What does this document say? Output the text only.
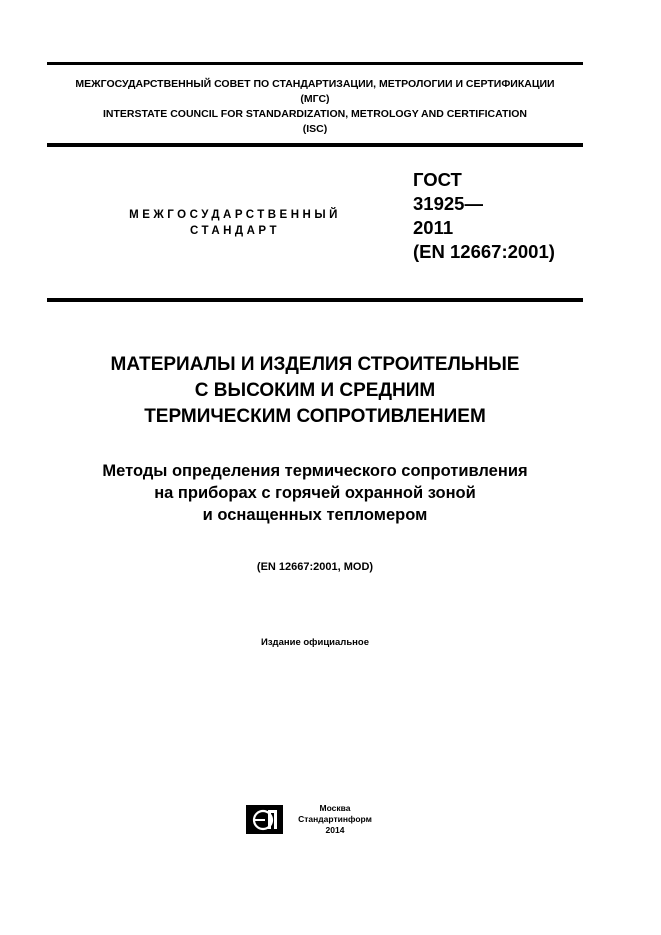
МЕЖГОСУДАРСТВЕННЫЙ СОВЕТ ПО СТАНДАРТИЗАЦИИ, МЕТРОЛОГИИ И СЕРТИФИКАЦИИ
(МГС)
INTERSTATE COUNCIL FOR STANDARDIZATION, METROLOGY AND CERTIFICATION
(ISC)
МЕЖГОСУДАРСТВЕННЫЙ
СТАНДАРТ
ГОСТ
31925—
2011
(EN 12667:2001)
МАТЕРИАЛЫ И ИЗДЕЛИЯ СТРОИТЕЛЬНЫЕ
С ВЫСОКИМ И СРЕДНИМ
ТЕРМИЧЕСКИМ СОПРОТИВЛЕНИЕМ
Методы определения термического сопротивления
на приборах с горячей охранной зоной
и оснащенных тепломером
(EN 12667:2001, MOD)
Издание официальное
Москва
Стандартинформ
2014
